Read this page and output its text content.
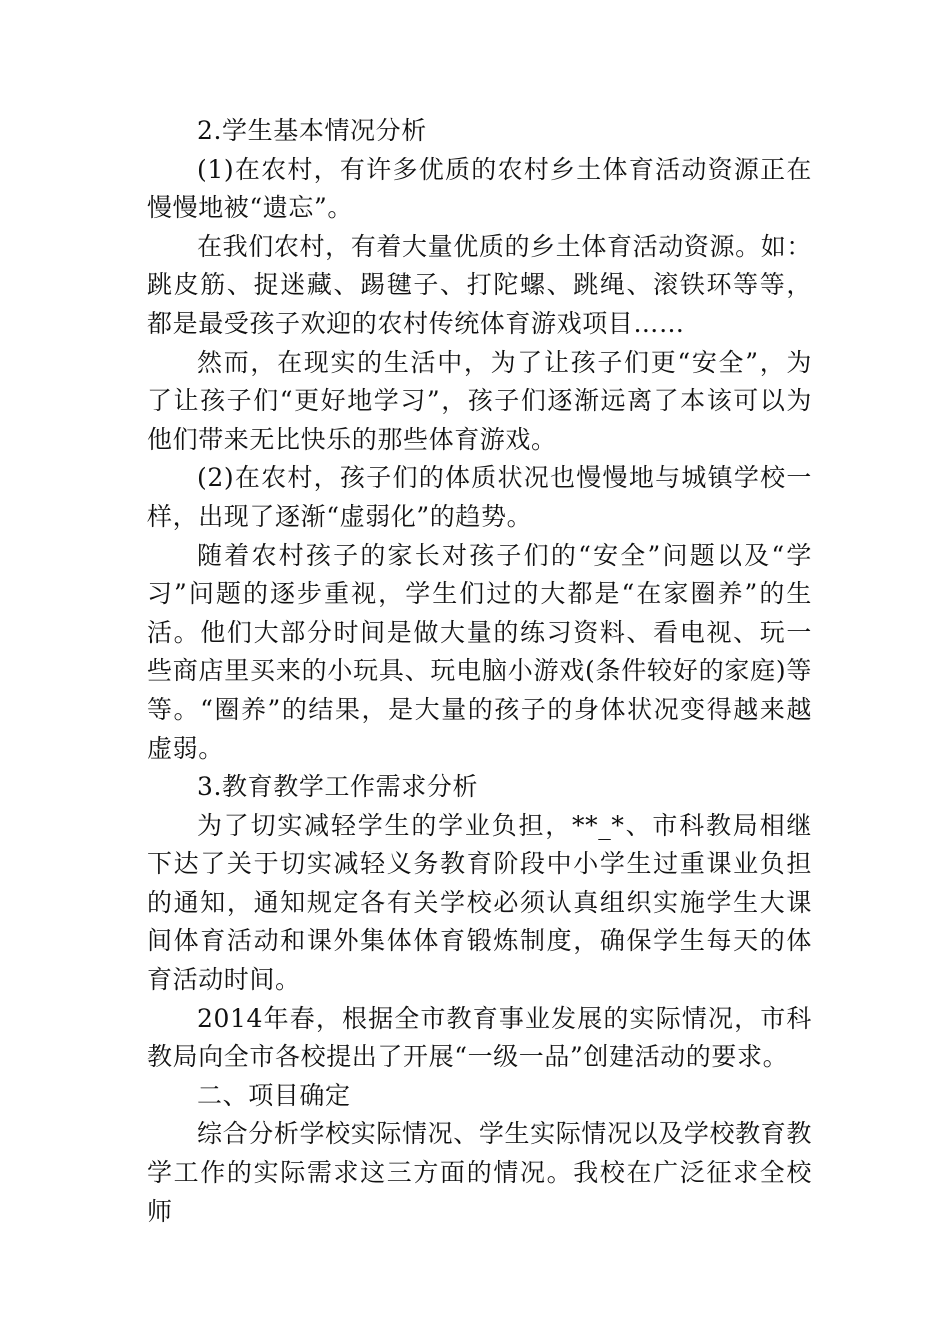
2.学生基本情况分析

(1)在农村，有许多优质的农村乡土体育活动资源正在慢慢地被“遗忘”。

在我们农村，有着大量优质的乡土体育活动资源。如：跳皮筋、捉迷藏、踢毽子、打陀螺、跳绳、滚铁环等等，都是最受孩子欢迎的农村传统体育游戏项目……

然而，在现实的生活中，为了让孩子们更“安全”，为了让孩子们“更好地学习”，孩子们逐渐远离了本该可以为他们带来无比快乐的那些体育游戏。

(2)在农村，孩子们的体质状况也慢慢地与城镇学校一样，出现了逐渐“虚弱化”的趋势。

随着农村孩子的家长对孩子们的“安全”问题以及“学习”问题的逐步重视，学生们过的大都是“在家圈养”的生活。他们大部分时间是做大量的练习资料、看电视、玩一些商店里买来的小玩具、玩电脑小游戏(条件较好的家庭)等等。“圈养”的结果，是大量的孩子的身体状况变得越来越虚弱。

3.教育教学工作需求分析

为了切实减轻学生的学业负担，**_*、市科教局相继下达了关于切实减轻义务教育阶段中小学生过重课业负担的通知，通知规定各有关学校必须认真组织实施学生大课间体育活动和课外集体体育锻炼制度，确保学生每天的体育活动时间。

2014年春，根据全市教育事业发展的实际情况，市科教局向全市各校提出了开展“一级一品”创建活动的要求。

二、项目确定

综合分析学校实际情况、学生实际情况以及学校教育教学工作的实际需求这三方面的情况。我校在广泛征求全校师
